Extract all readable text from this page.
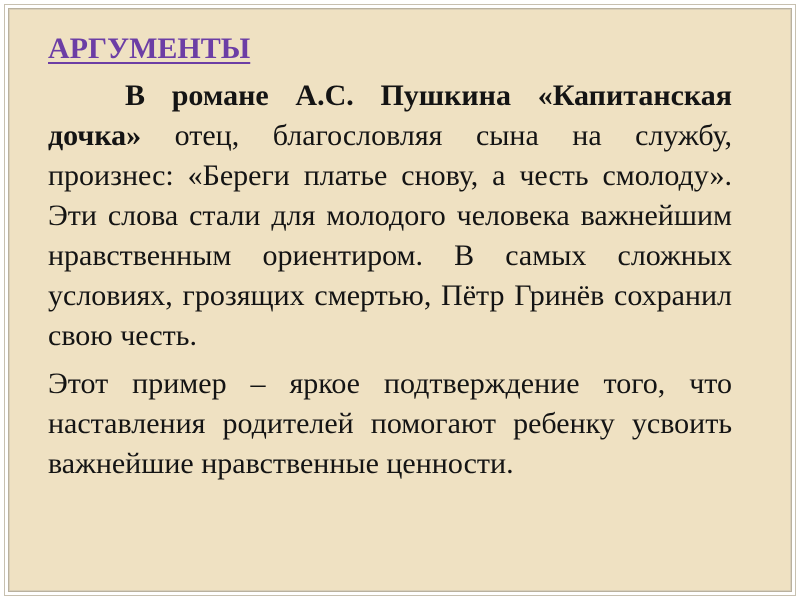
АРГУМЕНТЫ

В романе А.С. Пушкина «Капитанская дочка» отец, благословляя сына на службу, произнес: «Береги платье снову, а честь смолоду». Эти слова стали для молодого человека важнейшим нравственным ориентиром. В самых сложных условиях, грозящих смертью, Пётр Гринёв сохранил свою честь.

Этот пример – яркое подтверждение того, что наставления родителей помогают ребенку усвоить важнейшие нравственные ценности.
